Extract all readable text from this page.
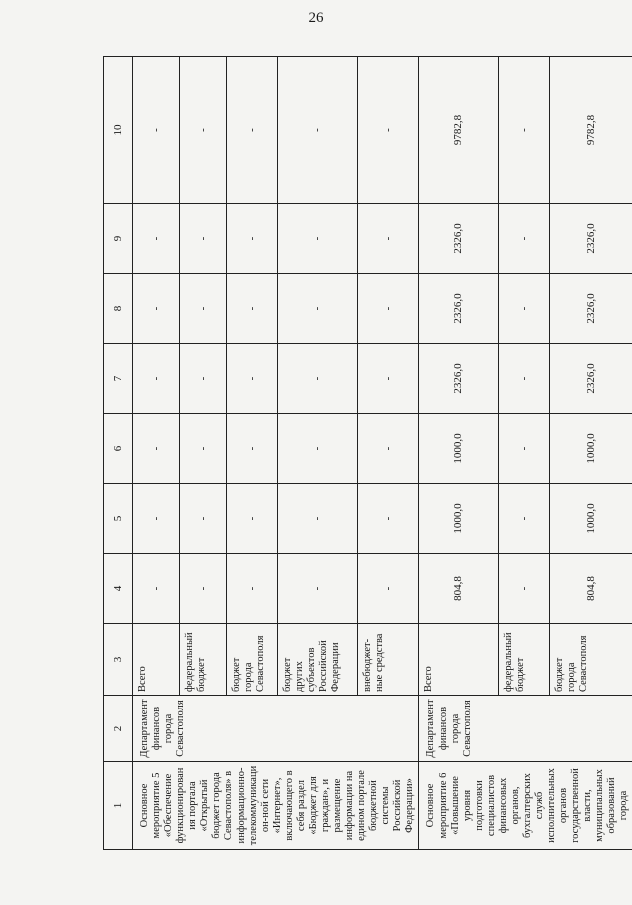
26
1	2	3	4	5	6	7	8	9	10
Основное мероприятие 5 «Обеспечение функционирования портала «Открытый бюджет города Севастополя» в информационно-телекоммуникацион-ной сети «Интернет», включающего в себя раздел «Бюджет для граждан», и размещение информации на едином портале бюджетной системы Российской Федерации»	Департамент финансов города Севастополя	Всего	-	-	-	-	-	-	-
		федеральный бюджет	-	-	-	-	-	-	-
		бюджет города Севастополя	-	-	-	-	-	-	-
		бюджет других субъектов Российской Федерации	-	-	-	-	-	-	-
		внебюджет-ные средства	-	-	-	-	-	-	-
Основное мероприятие 6 «Повышение уровня подготовки специалистов финансовых органов, бухгалтерских служб исполнительных органов государственной власти, муниципальных образований города	Департамент финансов города Севастополя	Всего	804,8	1000,0	1000,0	2326,0	2326,0	2326,0	9782,8
		федеральный бюджет	-	-	-	-	-	-	-
		бюджет города Севастополя	804,8	1000,0	1000,0	2326,0	2326,0	2326,0	9782,8
